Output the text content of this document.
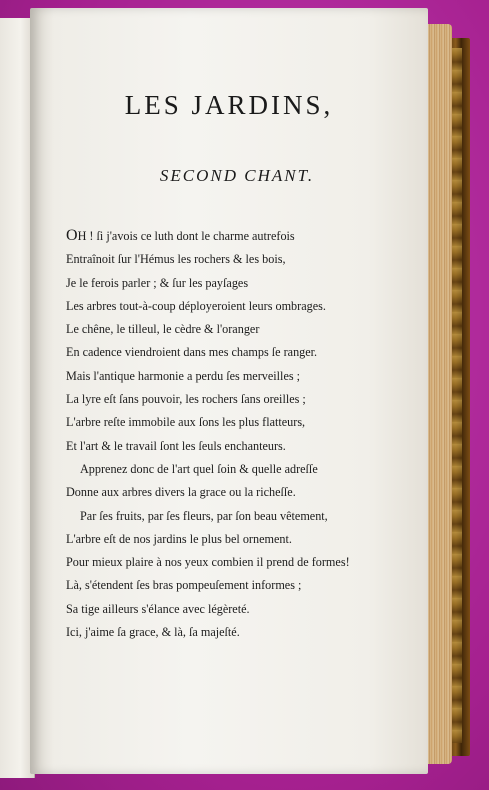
LES JARDINS,
SECOND CHANT.
OH ! ſi j'avois ce luth dont le charme autrefois
Entraînoit ſur l'Hémus les rochers & les bois,
Je le ferois parler ; & ſur les payſages
Les arbres tout-à-coup déployeroient leurs ombrages.
Le chêne, le tilleul, le cèdre & l'oranger
En cadence viendroient dans mes champs ſe ranger.
Mais l'antique harmonie a perdu ſes merveilles ;
La lyre eſt ſans pouvoir, les rochers ſans oreilles ;
L'arbre reſte immobile aux ſons les plus flatteurs,
Et l'art & le travail ſont les ſeuls enchanteurs.
Apprenez donc de l'art quel ſoin & quelle adreſſe
Donne aux arbres divers la grace ou la richeſſe.
Par ſes fruits, par ſes fleurs, par ſon beau vêtement,
L'arbre eſt de nos jardins le plus bel ornement.
Pour mieux plaire à nos yeux combien il prend de formes!
Là, s'étendent ſes bras pompeuſement informes ;
Sa tige ailleurs s'élance avec légèreté.
Ici, j'aime ſa grace, & là, ſa majeſté.
